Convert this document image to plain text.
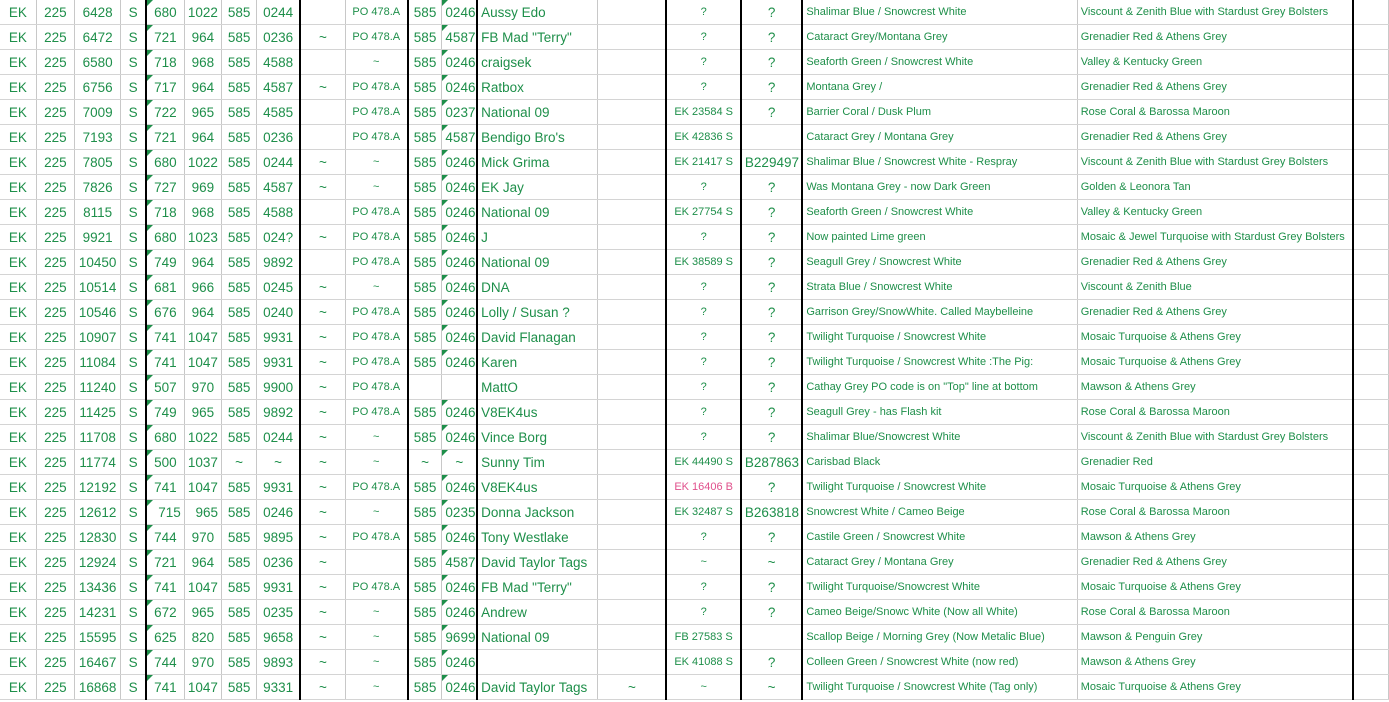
EK	225	6428	S	680	1022	585	0244		PO 478.A	585	0246	Aussy Edo		?	?	Shalimar Blue / Snowcrest White	Viscount & Zenith Blue with Stardust Grey Bolsters	
EK	225	6472	S	721	964	585	0236	~	PO 478.A	585	4587	FB Mad "Terry"		?	?	Cataract Grey/Montana Grey	Grenadier Red & Athens Grey	
EK	225	6580	S	718	968	585	4588		~	585	0246	craigsek		?	?	Seaforth Green / Snowcrest White	Valley & Kentucky Green	
EK	225	6756	S	717	964	585	4587	~	PO 478.A	585	0246	Ratbox		?	?	Montana Grey /	Grenadier Red & Athens Grey	
EK	225	7009	S	722	965	585	4585		PO 478.A	585	0237	National 09		EK 23584 S	?	Barrier Coral / Dusk Plum	Rose Coral & Barossa Maroon	
EK	225	7193	S	721	964	585	0236		PO 478.A	585	4587	Bendigo Bro's		EK 42836 S		Cataract Grey / Montana Grey	Grenadier Red & Athens Grey	
EK	225	7805	S	680	1022	585	0244	~	~	585	0246	Mick Grima		EK 21417 S	B229497	Shalimar Blue / Snowcrest White - Respray	Viscount & Zenith Blue with Stardust Grey Bolsters	
EK	225	7826	S	727	969	585	4587	~	~	585	0246	EK Jay		?	?	Was Montana Grey - now Dark Green	Golden & Leonora Tan	
EK	225	8115	S	718	968	585	4588		PO 478.A	585	0246	National 09		EK 27754 S	?	Seaforth Green / Snowcrest White	Valley & Kentucky Green	
EK	225	9921	S	680	1023	585	024?	~	PO 478.A	585	0246	J		?	?	Now painted Lime green	Mosaic & Jewel Turquoise with Stardust Grey Bolsters	
EK	225	10450	S	749	964	585	9892		PO 478.A	585	0246	National 09		EK 38589 S	?	Seagull Grey / Snowcrest White	Grenadier Red & Athens Grey	
EK	225	10514	S	681	966	585	0245	~	~	585	0246	DNA		?	?	Strata Blue / Snowcrest White	Viscount & Zenith Blue	
EK	225	10546	S	676	964	585	0240	~	PO 478.A	585	0246	Lolly / Susan ?		?	?	Garrison Grey/SnowWhite. Called Maybelleine	Grenadier Red & Athens Grey	
EK	225	10907	S	741	1047	585	9931	~	PO 478.A	585	0246	David Flanagan		?	?	Twilight Turquoise / Snowcrest White	Mosaic Turquoise & Athens Grey	
EK	225	11084	S	741	1047	585	9931	~	PO 478.A	585	0246	Karen		?	?	Twilight Turquoise / Snowcrest White :The Pig:	Mosaic Turquoise & Athens Grey	
EK	225	11240	S	507	970	585	9900	~	PO 478.A			MattO		?	?	Cathay Grey PO code is on "Top" line at bottom	Mawson & Athens Grey	
EK	225	11425	S	749	965	585	9892	~	PO 478.A	585	0246	V8EK4us		?	?	Seagull Grey - has Flash kit	Rose Coral & Barossa Maroon	
EK	225	11708	S	680	1022	585	0244	~	~	585	0246	Vince Borg		?	?	Shalimar Blue/Snowcrest White	Viscount & Zenith Blue with Stardust Grey Bolsters	
EK	225	11774	S	500	1037	~	~	~	~	~	~	Sunny Tim		EK 44490 S	B287863	Carisbad Black	Grenadier Red	
EK	225	12192	S	741	1047	585	9931	~	PO 478.A	585	0246	V8EK4us		EK 16406 B	?	Twilight Turquoise / Snowcrest White	Mosaic Turquoise & Athens Grey	
EK	225	12612	S	715	965	585	0246	~	~	585	0235	Donna Jackson		EK 32487 S	B263818	Snowcrest White / Cameo Beige	Rose Coral & Barossa Maroon	
EK	225	12830	S	744	970	585	9895	~	PO 478.A	585	0246	Tony Westlake		?	?	Castile Green / Snowcrest White	Mawson & Athens Grey	
EK	225	12924	S	721	964	585	0236	~		585	4587	David Taylor Tags		~	~	Cataract Grey / Montana Grey	Grenadier Red & Athens Grey	
EK	225	13436	S	741	1047	585	9931	~	PO 478.A	585	0246	FB Mad "Terry"		?	?	Twilight Turquoise/Snowcrest White	Mosaic Turquoise & Athens Grey	
EK	225	14231	S	672	965	585	0235	~	~	585	0246	Andrew		?	?	Cameo Beige/Snowc White (Now all White)	Rose Coral & Barossa Maroon	
EK	225	15595	S	625	820	585	9658	~	~	585	9699	National 09		FB 27583 S		Scallop Beige / Morning Grey (Now Metalic Blue)	Mawson & Penguin Grey	
EK	225	16467	S	744	970	585	9893	~	~	585	0246			EK 41088 S	?	Colleen Green / Snowcrest White (now red)	Mawson & Athens Grey	
EK	225	16868	S	741	1047	585	9331	~	~	585	0246	David Taylor Tags	~	~	~	Twilight Turquoise / Snowcrest White (Tag only)	Mosaic Turquoise & Athens Grey	
